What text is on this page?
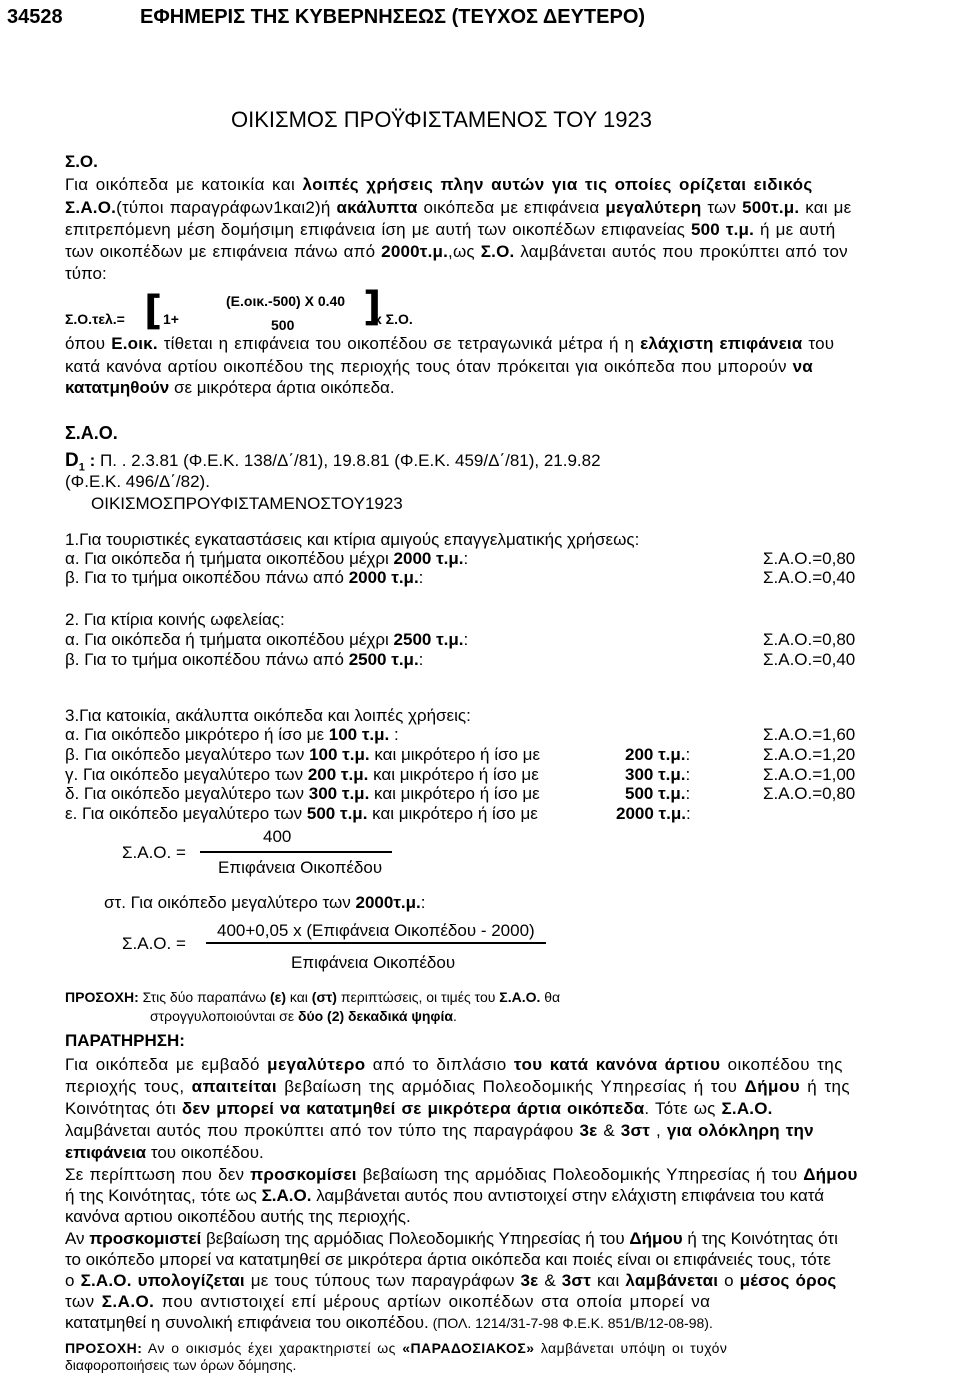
34528	ΕΦΗΜΕΡΙΣ ΤΗΣ ΚΥΒΕΡΝΗΣΕΩΣ (ΤΕΥΧΟΣ ΔΕΥΤΕΡΟ)
ΟΙΚΙΣΜΟΣ ΠΡΟΫΦΙΣΤΑΜΕΝΟΣ ΤΟΥ 1923
Σ.Ο.
Για οικόπεδα με κατοικία και λοιπές χρήσεις πλην αυτών για τις οποίες ορίζεται ειδικός
Σ.Α.Ο.(τύποι παραγράφων1και2)ή ακάλυπτα οικόπεδα με επιφάνεια μεγαλύτερη των 500τ.μ. και με
επιτρεπόμενη μέση δομήσιμη επιφάνεια ίση με αυτή των οικοπέδων επιφανείας 500 τ.μ. ή με αυτή
των οικοπέδων με επιφάνεια πάνω από 2000τ.μ.,ως Σ.Ο. λαμβάνεται αυτός που προκύπτει από τον
τύπο:
(Ε.οικ.-500) Χ 0.40
Σ.Ο.τελ.= [ 1+	500 ]
x Σ.Ο.
όπου Ε.οικ. τίθεται η επιφάνεια του οικοπέδου σε τετραγωνικά μέτρα ή η ελάχιστη επιφάνεια του
κατά κανόνα αρτίου οικοπέδου της περιοχής τους όταν πρόκειται για οικόπεδα που μπορούν να
κατατμηθούν σε μικρότερα άρτια οικόπεδα.
Σ.Α.Ο.
$D_1$ : Π. . 2.3.81 (Φ.Ε.Κ. 138/Δ΄/81), 19.8.81 (Φ.Ε.Κ. 459/Δ΄/81), 21.9.82
(Φ.Ε.Κ. 496/Δ΄/82).
ΟΙΚΙΣΜΟΣΠΡΟΥΦΙΣΤΑΜΕΝΟΣΤΟΥ1923
1.Για τουριστικές εγκαταστάσεις και κτίρια αμιγούς επαγγελματικής χρήσεως:
α. Για οικόπεδα ή τμήματα οικοπέδου μέχρι 2000 τ.μ.:	Σ.Α.Ο.=0,80
β. Για το τμήμα οικοπέδου πάνω από 2000 τ.μ.:	Σ.Α.Ο.=0,40
2. Για κτίρια κοινής ωφελείας:
α. Για οικόπεδα ή τμήματα οικοπέδου μέχρι 2500 τ.μ.:	Σ.Α.Ο.=0,80
β. Για το τμήμα οικοπέδου πάνω από 2500 τ.μ.:	Σ.Α.Ο.=0,40
3.Για κατοικία, ακάλυπτα οικόπεδα και λοιπές χρήσεις:
α. Για οικόπεδο μικρότερο ή ίσο με 100 τ.μ. :	Σ.Α.Ο.=1,60
β. Για οικόπεδο μεγαλύτερο των 100 τ.μ. και μικρότερο ή ίσο με	200 τ.μ.:	Σ.Α.Ο.=1,20
γ. Για οικόπεδο μεγαλύτερο των 200 τ.μ. και μικρότερο ή ίσο με	300 τ.μ.:	Σ.Α.Ο.=1,00
δ. Για οικόπεδο μεγαλύτερο των 300 τ.μ. και μικρότερο ή ίσο με	500 τ.μ.:	Σ.Α.Ο.=0,80
ε. Για οικόπεδο μεγαλύτερο των 500 τ.μ. και μικρότερο ή ίσο με	2000 τ.μ.:
400
Σ.Α.Ο. =
Επιφάνεια Οικοπέδου
στ. Για οικόπεδο μεγαλύτερο των 2000τ.μ.:
400+0,05 x (Επιφάνεια Οικοπέδου - 2000)
Σ.Α.Ο. =
Επιφάνεια Οικοπέδου
ΠΡΟΣΟΧΗ: Στις δύο παραπάνω (ε) και (στ) περιπτώσεις, οι τιμές του Σ.Α.Ο. θα
στρογγυλοποιούνται σε δύο (2) δεκαδικά ψηφία.
ΠΑΡΑΤΗΡΗΣΗ:
Για οικόπεδα με εμβαδό μεγαλύτερο από το διπλάσιο του κατά κανόνα άρτιου οικοπέδου της
περιοχής τους, απαιτείται βεβαίωση της αρμόδιας Πολεοδομικής Υπηρεσίας ή του Δήμου ή της
Κοινότητας ότι δεν μπορεί να κατατμηθεί σε μικρότερα άρτια οικόπεδα. Τότε ως Σ.Α.Ο.
λαμβάνεται αυτός που προκύπτει από τον τύπο της παραγράφου 3ε & 3στ , για ολόκληρη την
επιφάνεια του οικοπέδου.
Σε περίπτωση που δεν προσκομίσει βεβαίωση της αρμόδιας Πολεοδομικής Υπηρεσίας ή του Δήμου
ή της Κοινότητας, τότε ως Σ.Α.Ο. λαμβάνεται αυτός που αντιστοιχεί στην ελάχιστη επιφάνεια του κατά
κανόνα αρτιου οικοπέδου αυτής της περιοχής.
Αν προσκομιστεί βεβαίωση της αρμόδιας Πολεοδομικής Υπηρεσίας ή του Δήμου ή της Κοινότητας ότι
το οικόπεδο μπορεί να κατατμηθεί σε μικρότερα άρτια οικόπεδα και ποιές είναι οι επιφάνειές τους, τότε
ο Σ.Α.Ο. υπολογίζεται με τους τύπους των παραγράφων 3ε & 3στ και λαμβάνεται ο μέσος όρος
των Σ.Α.Ο. που αντιστοιχεί επί μέρους αρτίων οικοπέδων στα οποία μπορεί να
κατατμηθεί η συνολική επιφάνεια του οικοπέδου. (ΠΟΛ. 1214/31-7-98 Φ.Ε.Κ. 851/Β/12-08-98).
ΠΡΟΣΟΧΗ: Αν ο οικισμός έχει χαρακτηριστεί ως «ΠΑΡΑΔΟΣΙΑΚΟΣ» λαμβάνεται υπόψη οι τυχόν
διαφοροποιήσεις των όρων δόμησης.
